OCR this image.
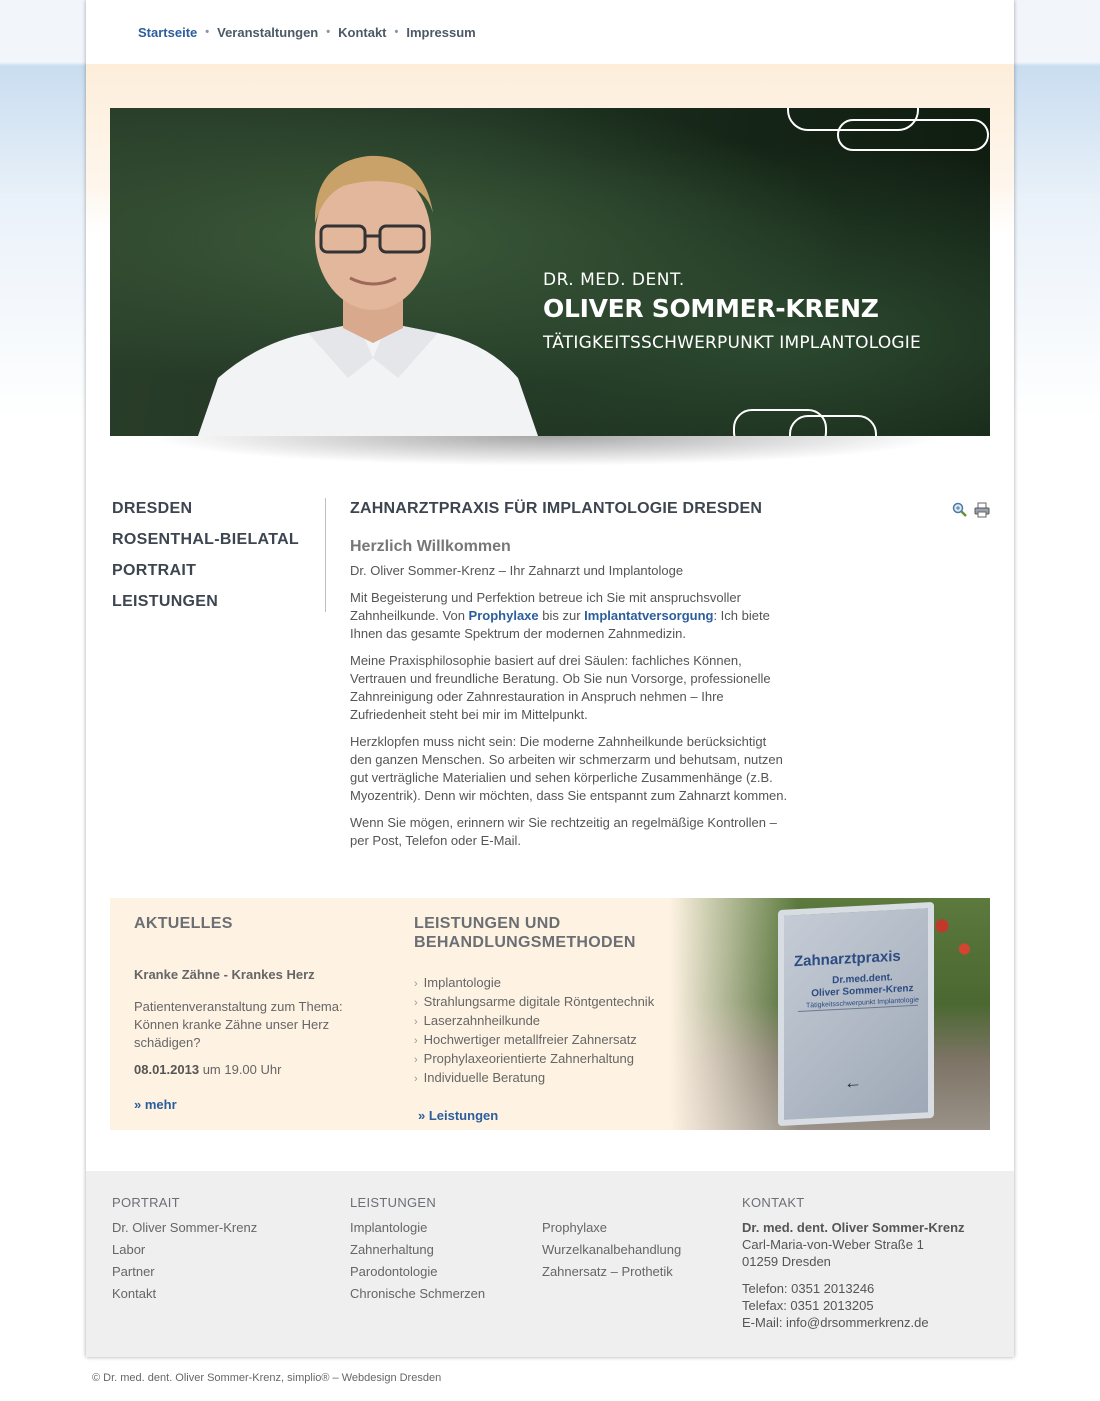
Startseite • Veranstaltungen • Kontakt • Impressum
DR. MED. DENT.
OLIVER SOMMER-KRENZ
TÄTIGKEITSSCHWERPUNKT IMPLANTOLOGIE
DRESDEN
ROSENTHAL-BIELATAL
PORTRAIT
LEISTUNGEN
ZAHNARZTPRAXIS FÜR IMPLANTOLOGIE DRESDEN
Herzlich Willkommen

Dr. Oliver Sommer-Krenz – Ihr Zahnarzt und Implantologe

Mit Begeisterung und Perfektion betreue ich Sie mit anspruchsvoller Zahnheilkunde. Von Prophylaxe bis zur Implantatversorgung: Ich biete Ihnen das gesamte Spektrum der modernen Zahnmedizin.

Meine Praxisphilosophie basiert auf drei Säulen: fachliches Können, Vertrauen und freundliche Beratung. Ob Sie nun Vorsorge, professionelle Zahnreinigung oder Zahnrestauration in Anspruch nehmen – Ihre Zufriedenheit steht bei mir im Mittelpunkt.

Herzklopfen muss nicht sein: Die moderne Zahnheilkunde berücksichtigt den ganzen Menschen. So arbeiten wir schmerzarm und behutsam, nutzen gut verträgliche Materialien und sehen körperliche Zusammenhänge (z.B. Myozentrik). Denn wir möchten, dass Sie entspannt zum Zahnarzt kommen.

Wenn Sie mögen, erinnern wir Sie rechtzeitig an regelmäßige Kontrollen – per Post, Telefon oder E-Mail.

Zahnarztpraxis
Dr.med.dent.
Oliver Sommer-Krenz
Tätigkeitsschwerpunkt Implantologie
←
AKTUELLES
Kranke Zähne - Krankes Herz

Patientenveranstaltung zum Thema: Können kranke Zähne unser Herz schädigen?

08.01.2013 um 19.00 Uhr
» mehr
LEISTUNGEN UND BEHANDLUNGSMETHODEN
› Implantologie
› Strahlungsarme digitale Röntgentechnik
› Laserzahnheilkunde
› Hochwertiger metallfreier Zahnersatz
› Prophylaxeorientierte Zahnerhaltung
› Individuelle Beratung
» Leistungen
PORTRAIT
Dr. Oliver Sommer-Krenz
Labor
Partner
Kontakt
LEISTUNGEN
Implantologie
Zahnerhaltung
Parodontologie
Chronische Schmerzen
Prophylaxe
Wurzelkanalbehandlung
Zahnersatz – Prothetik
KONTAKT
Dr. med. dent. Oliver Sommer-Krenz
Carl-Maria-von-Weber Straße 1
01259 Dresden
Telefon: 0351 2013246
Telefax: 0351 2013205
E-Mail: info@drsommerkrenz.de
© Dr. med. dent. Oliver Sommer-Krenz, simplio® – Webdesign Dresden
